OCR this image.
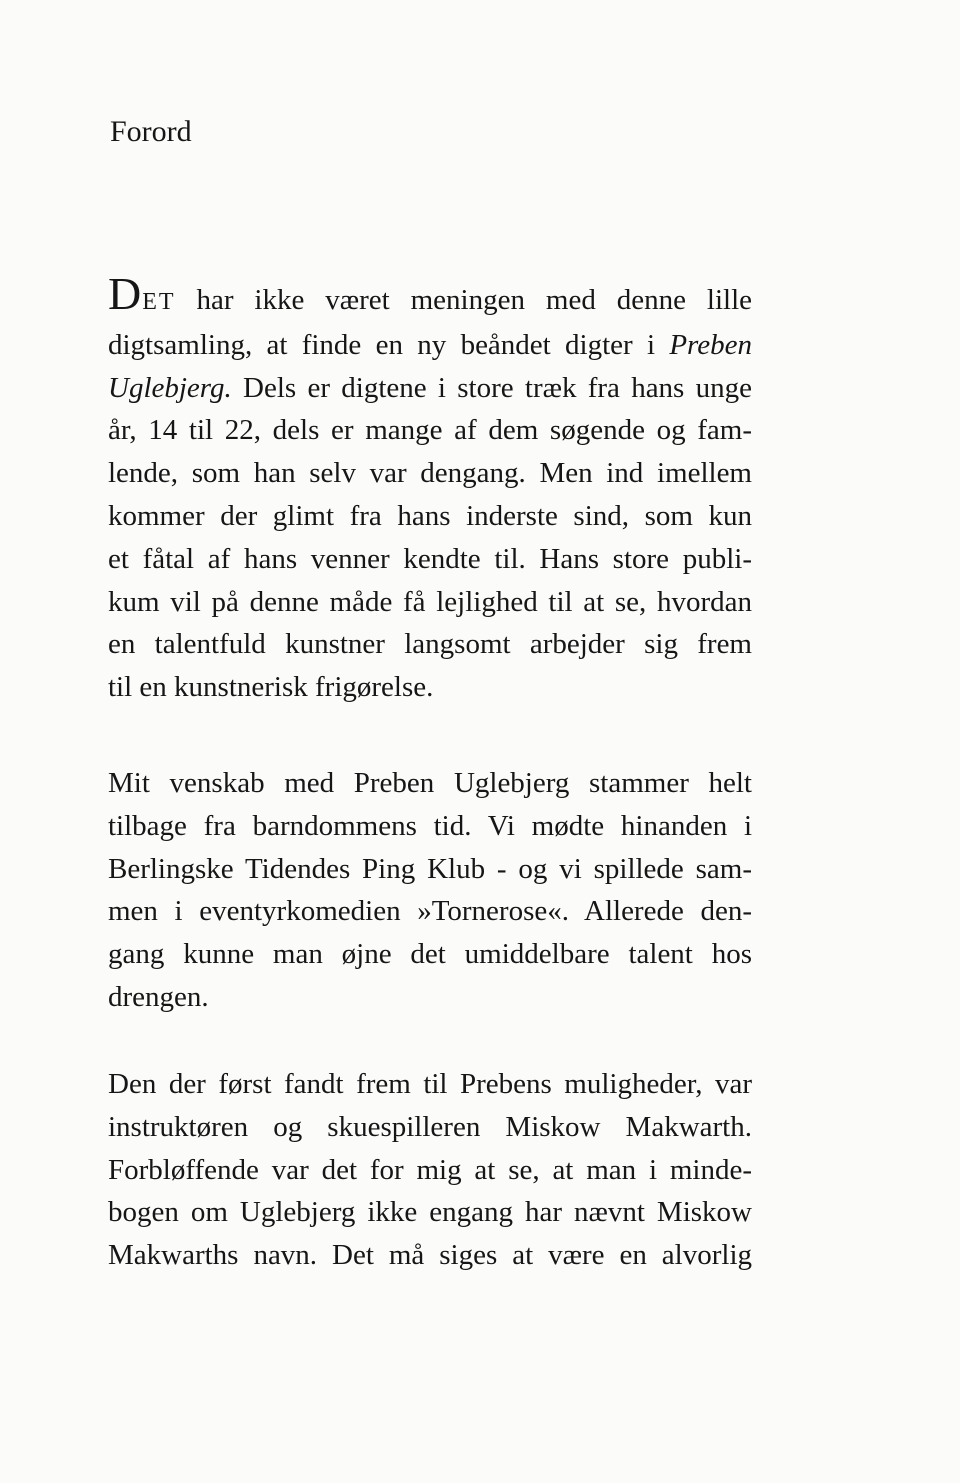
Forord
DET har ikke været meningen med denne lille
digtsamling, at finde en ny beåndet digter i Preben
Uglebjerg. Dels er digtene i store træk fra hans unge
år, 14 til 22, dels er mange af dem søgende og fam-
lende, som han selv var dengang. Men ind imellem
kommer der glimt fra hans inderste sind, som kun
et fåtal af hans venner kendte til. Hans store publi-
kum vil på denne måde få lejlighed til at se, hvordan
en talentfuld kunstner langsomt arbejder sig frem
til en kunstnerisk frigørelse.
Mit venskab med Preben Uglebjerg stammer helt
tilbage fra barndommens tid. Vi mødte hinanden i
Berlingske Tidendes Ping Klub - og vi spillede sam-
men i eventyrkomedien »Tornerose«. Allerede den-
gang kunne man øjne det umiddelbare talent hos
drengen.
Den der først fandt frem til Prebens muligheder, var
instruktøren og skuespilleren Miskow Makwarth.
Forbløffende var det for mig at se, at man i minde-
bogen om Uglebjerg ikke engang har nævnt Miskow
Makwarths navn. Det må siges at være en alvorlig
